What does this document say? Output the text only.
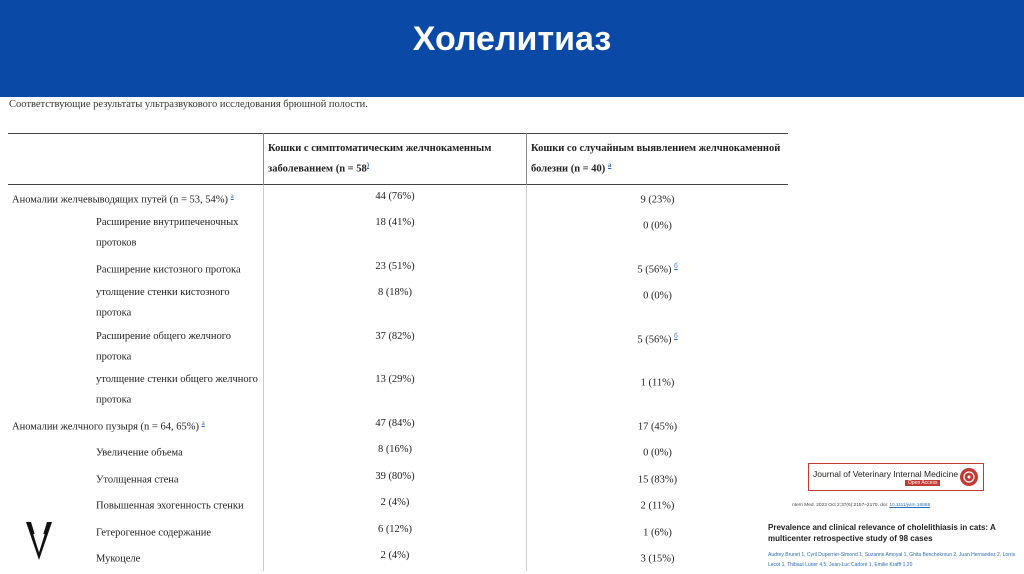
Холелитиаз
Соответствующие результаты ультразвукового исследования брюшной полости.
	Кошки с симптоматическим желчнокаменным заболеванием (n = 58)	Кошки со случайным выявлением желчнокаменной болезни (n = 40) $^a$
Аномалии желчевыводящих путей (n = 53, 54%) $^a$	44 (76%)	9 (23%)
Расширение внутрипеченочных протоков	18 (41%)	0 (0%)
Расширение кистозного протока	23 (51%)	5 (56%) $^б$
утолщение стенки кистозного протока	8 (18%)	0 (0%)
Расширение общего желчного протока	37 (82%)	5 (56%) $^б$
утолщение стенки общего желчного протока	13 (29%)	1 (11%)
Аномалии желчного пузыря (n = 64, 65%) $^a$	47 (84%)	17 (45%)
Увеличение объема	8 (16%)	0 (0%)
Утолщенная стена	39 (80%)	15 (83%)
Повышенная эхогенность стенки	2 (4%)	2 (11%)
Гетерогенное содержание	6 (12%)	1 (6%)
Мукоцеле	2 (4%)	3 (15%)
Journal of Veterinary Internal Medicine
Open Access
ntern Med. 2023 Oct 2;37(6):2157–2170. doi: 10.1111/jvim.16868
Prevalence and clinical relevance of cholelithiasis in cats: A multicenter retrospective study of 98 cases
Audrey Brunet 1, Cyril Duperrier-Simond 1, Suzanne Amoyal 1, Ghita Benchekroun 2, Juan Hernandez 2, Lorris Lecot 1, Thibaut Lurier 4,5, Jean-Luc Cadoré 1, Emilie Krafft 1,20
